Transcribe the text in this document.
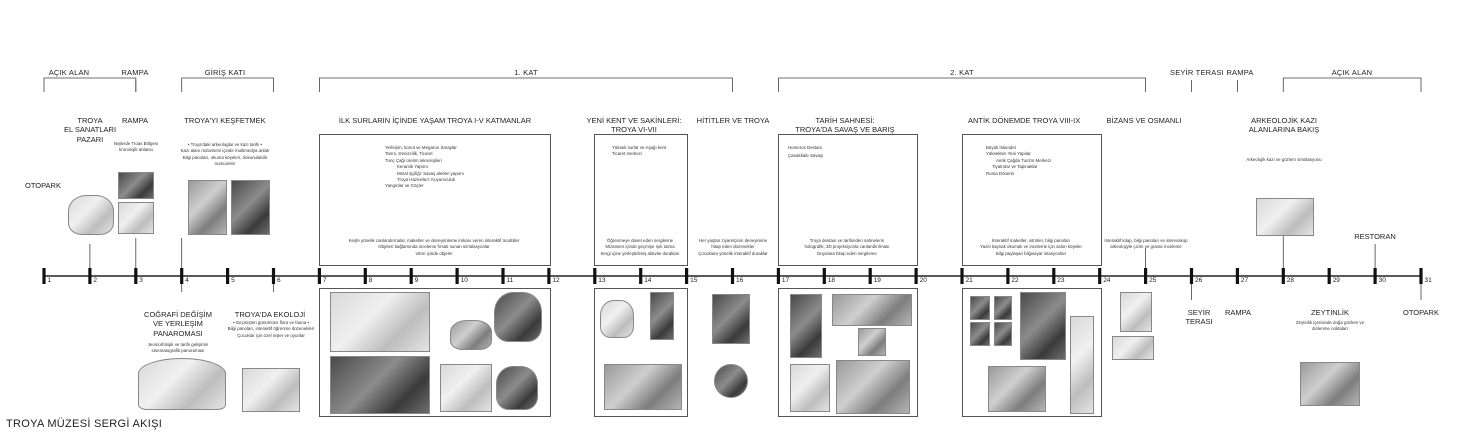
1	2	3	4	5	6	7	8	9	10	11	12	13	14	15	16	17	18	19	20	21	22	23	24	25	26	27	28	29	30	31
AÇIK ALAN	RAMPA	GİRİŞ KATI	1. KAT	2. KAT	SEYİR TERASI RAMPA	AÇIK ALAN
OTOPARK
TROYA
EL SANATLARI
PAZARI
RAMPA
Nejlerde Troas Bölgesi
kronolojik anlatısı
TROYA'YI KEŞFETMEK
• Troya'daki arkeologlar ve kazı tarihi •
Kazı alanı mizanseni içinde multimedya anlatı
Bilgi panoları, okuma köşeleri, dokunulabilir
numuneler
İLK SURLARIN İÇİNDE YAŞAM TROYA I-V KATMANLAR
Yerleşim, konut ve Megaron Saraylar
Tarım, Denizcilik, Ticaret
Tunç Çağı üretim teknolojileri
Keramik Yapımı
Metal işçiliği: Savaş aletleri yapımı
Troya Hazineleri: Kuyumculuk
Yangınlar ve Göçler
Keşfe yönelik canlandırmalar, maketler ve deneyimleme imkanı veren interaktif modüller
Objeleri bağlamında inceleme fırsatı sunan simülasyonlar
Vitrin içinde objeler
YENİ KENT VE SAKİNLERİ:
TROYA VI-VII
Yüksek surlar ve Aşağı kent
Ticaret merkezi
Öğrenmeye davet eden sergileme
Mizansen içinde geçmişe ışık tutma
Sergi içine yerleştirilmiş aktivite durakları
HİTİTLER VE TROYA
Her yaştan ziyaretçinin deneyimine
hitap eden düzenekler
Çocuklara yönelik interaktif duraklar
TARİH SAHNESİ:
TROYA'DA SAVAŞ VE BARIŞ
Homeros Destanı
Çanakkale Savaşı
Troya destanı ve tarihinden sahnelerin
holografik, 3D projeksiyonla canlandırılması
Duyulara hitap eden sergileme
ANTİK DÖNEMDE TROYA VIII-IX
Büyük İskender
Yüksekten Yeni Yapılar
Antik Çağda Turizm Merkezi
Tiyatrolar ve Tapınaklar
Roma Dönemi
İnteraktif maketler, vitrinler, bilgi panoları
Yazılı kaynak okumalı ve inceleme için salon köşeler
Bilgi paylaşan bilgisayar istasyonları
BİZANS VE OSMANLI
İnteraktif kitap, bilgi panoları ve stereoskop
arkeolojiyle çizim ve gravür inceleme
ARKEOLOJİK KAZI
ALANLARINA BAKIŞ
Arkeolojik kazı ve gözlem simülasyonu
RESTORAN
COĞRAFİ DEĞİŞİM
VE YERLEŞİM
PANAROMASI
Jeomorfolojik ve tarihi gelişimin
sinematografik panoraması
TROYA'DA EKOLOJİ
• Geçmişten günümüze flora ve fauna •
Bilgi panoları, interaktif öğrenme düzenekleri
Çocuklar için özel nişler ve oyunlar
SEYİR
TERASI
RAMPA	ZEYTİNLİK
Zeytinlik içerisinde doğa gözlem ve
dinlenme noktaları
OTOPARK
TROYA MÜZESİ SERGİ AKIŞI
